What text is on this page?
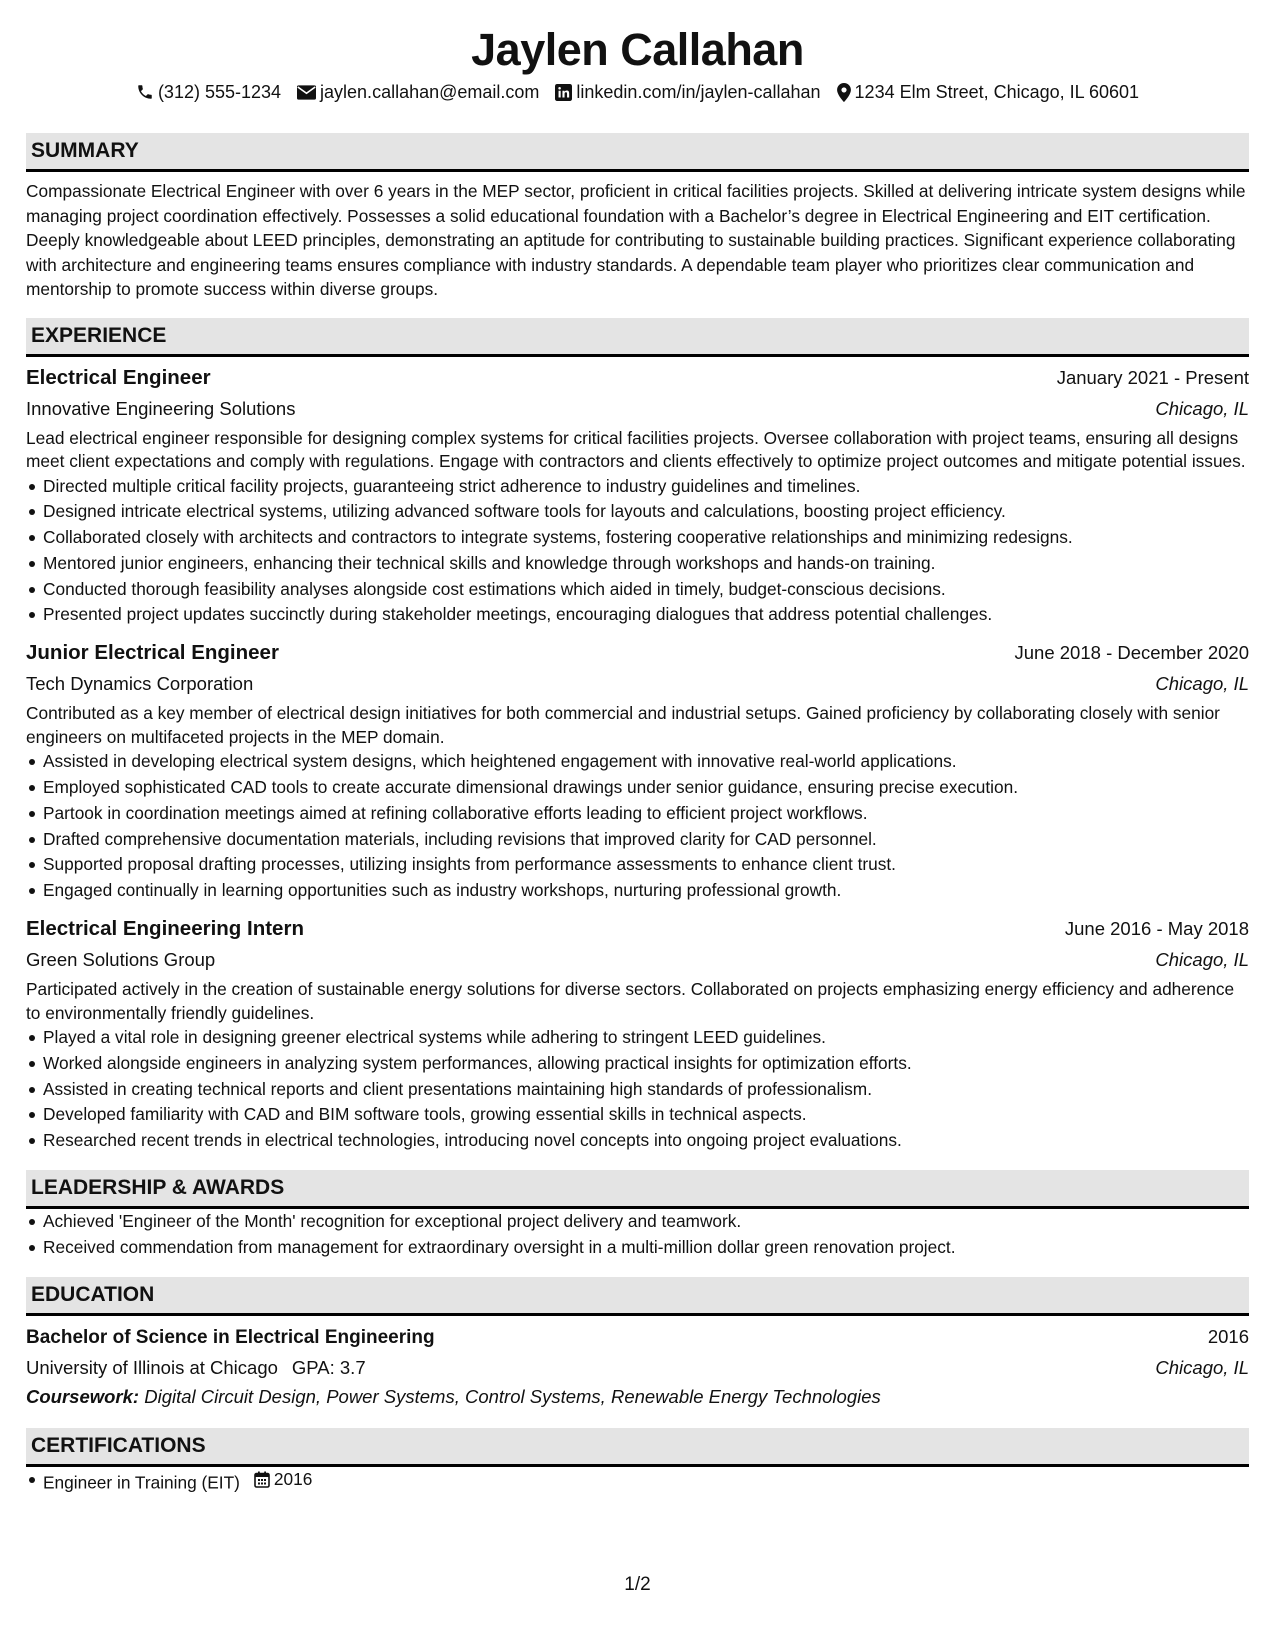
Jaylen Callahan
(312) 555-1234 jaylen.callahan@email.com linkedin.com/in/jaylen-callahan 1234 Elm Street, Chicago, IL 60601
SUMMARY
Compassionate Electrical Engineer with over 6 years in the MEP sector, proficient in critical facilities projects. Skilled at delivering intricate system designs while managing project coordination effectively. Possesses a solid educational foundation with a Bachelor’s degree in Electrical Engineering and EIT certification. Deeply knowledgeable about LEED principles, demonstrating an aptitude for contributing to sustainable building practices. Significant experience collaborating with architecture and engineering teams ensures compliance with industry standards. A dependable team player who prioritizes clear communication and mentorship to promote success within diverse groups.
EXPERIENCE
Electrical Engineer	January 2021 - Present
Innovative Engineering Solutions	Chicago, IL
Lead electrical engineer responsible for designing complex systems for critical facilities projects. Oversee collaboration with project teams, ensuring all designs meet client expectations and comply with regulations. Engage with contractors and clients effectively to optimize project outcomes and mitigate potential issues.
Directed multiple critical facility projects, guaranteeing strict adherence to industry guidelines and timelines.
Designed intricate electrical systems, utilizing advanced software tools for layouts and calculations, boosting project efficiency.
Collaborated closely with architects and contractors to integrate systems, fostering cooperative relationships and minimizing redesigns.
Mentored junior engineers, enhancing their technical skills and knowledge through workshops and hands-on training.
Conducted thorough feasibility analyses alongside cost estimations which aided in timely, budget-conscious decisions.
Presented project updates succinctly during stakeholder meetings, encouraging dialogues that address potential challenges.
Junior Electrical Engineer	June 2018 - December 2020
Tech Dynamics Corporation	Chicago, IL
Contributed as a key member of electrical design initiatives for both commercial and industrial setups. Gained proficiency by collaborating closely with senior engineers on multifaceted projects in the MEP domain.
Assisted in developing electrical system designs, which heightened engagement with innovative real-world applications.
Employed sophisticated CAD tools to create accurate dimensional drawings under senior guidance, ensuring precise execution.
Partook in coordination meetings aimed at refining collaborative efforts leading to efficient project workflows.
Drafted comprehensive documentation materials, including revisions that improved clarity for CAD personnel.
Supported proposal drafting processes, utilizing insights from performance assessments to enhance client trust.
Engaged continually in learning opportunities such as industry workshops, nurturing professional growth.
Electrical Engineering Intern	June 2016 - May 2018
Green Solutions Group	Chicago, IL
Participated actively in the creation of sustainable energy solutions for diverse sectors. Collaborated on projects emphasizing energy efficiency and adherence to environmentally friendly guidelines.
Played a vital role in designing greener electrical systems while adhering to stringent LEED guidelines.
Worked alongside engineers in analyzing system performances, allowing practical insights for optimization efforts.
Assisted in creating technical reports and client presentations maintaining high standards of professionalism.
Developed familiarity with CAD and BIM software tools, growing essential skills in technical aspects.
Researched recent trends in electrical technologies, introducing novel concepts into ongoing project evaluations.
LEADERSHIP & AWARDS
Achieved 'Engineer of the Month' recognition for exceptional project delivery and teamwork.
Received commendation from management for extraordinary oversight in a multi-million dollar green renovation project.
EDUCATION
Bachelor of Science in Electrical Engineering	2016
University of Illinois at Chicago GPA: 3.7	Chicago, IL
Coursework: Digital Circuit Design, Power Systems, Control Systems, Renewable Energy Technologies
CERTIFICATIONS
Engineer in Training (EIT) 2016
1/2
